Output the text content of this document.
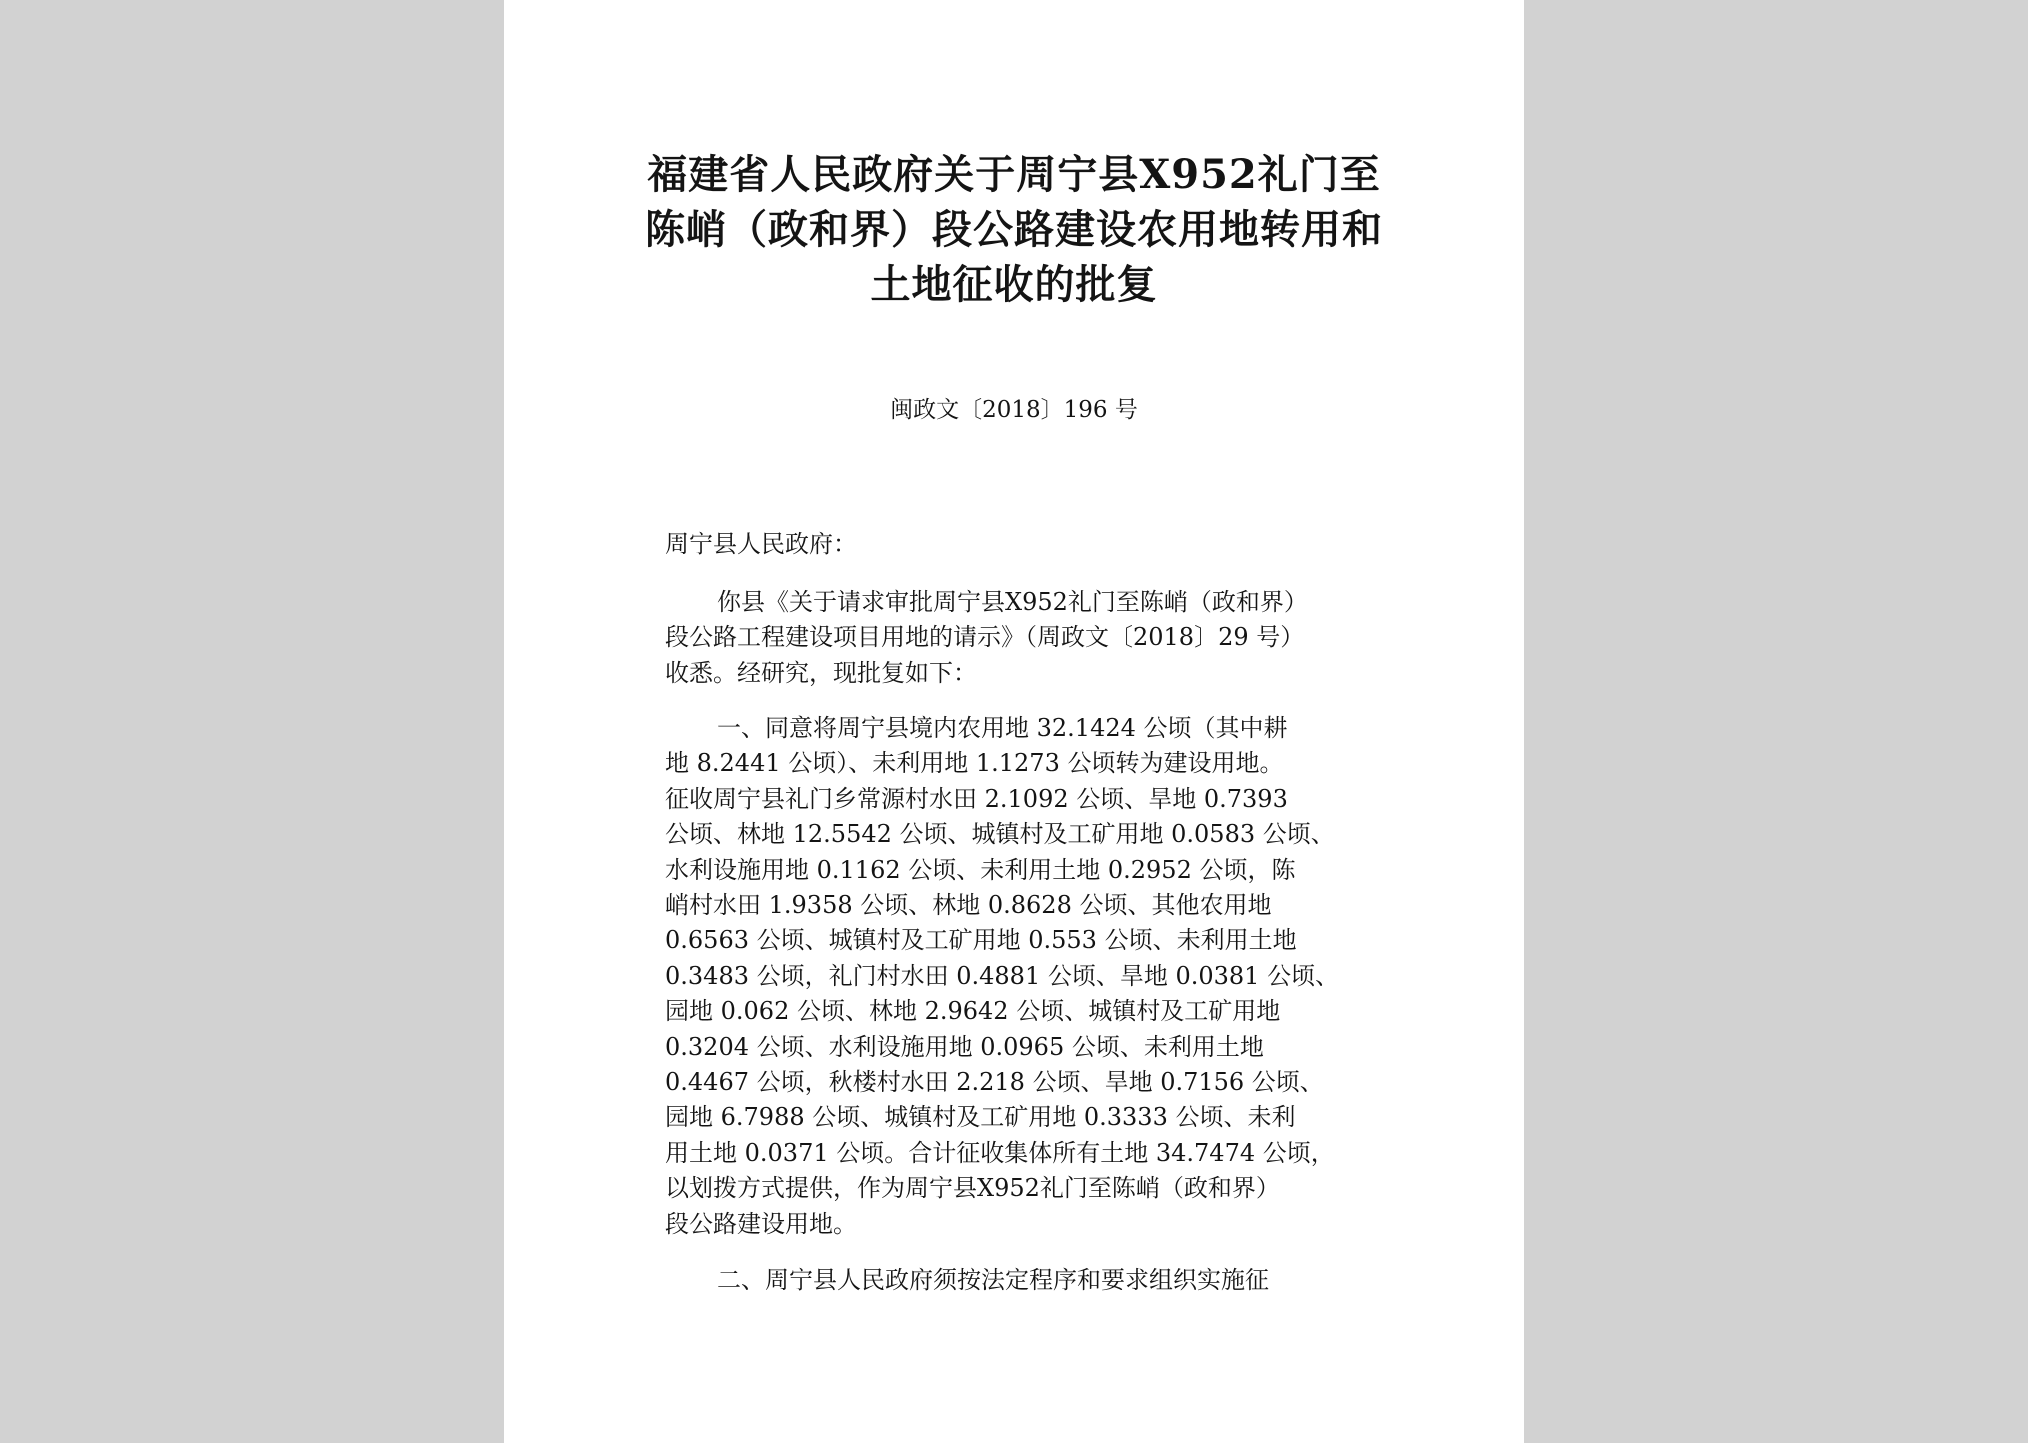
福建省人民政府关于周宁县X952礼门至
陈峭（政和界）段公路建设农用地转用和
土地征收的批复
闽政文〔2018〕196 号
周宁县人民政府：
你县《关于请求审批周宁县X952礼门至陈峭（政和界）
段公路工程建设项目用地的请示》（周政文〔2018〕29 号）
收悉。经研究，现批复如下：
一、同意将周宁县境内农用地 32.1424 公顷（其中耕
地 8.2441 公顷）、未利用地 1.1273 公顷转为建设用地。
征收周宁县礼门乡常源村水田 2.1092 公顷、旱地 0.7393
公顷、林地 12.5542 公顷、城镇村及工矿用地 0.0583 公顷、
水利设施用地 0.1162 公顷、未利用土地 0.2952 公顷，陈
峭村水田 1.9358 公顷、林地 0.8628 公顷、其他农用地
0.6563 公顷、城镇村及工矿用地 0.553 公顷、未利用土地
0.3483 公顷，礼门村水田 0.4881 公顷、旱地 0.0381 公顷、
园地 0.062 公顷、林地 2.9642 公顷、城镇村及工矿用地
0.3204 公顷、水利设施用地 0.0965 公顷、未利用土地
0.4467 公顷，秋楼村水田 2.218 公顷、旱地 0.7156 公顷、
园地 6.7988 公顷、城镇村及工矿用地 0.3333 公顷、未利
用土地 0.0371 公顷。合计征收集体所有土地 34.7474 公顷，
以划拨方式提供，作为周宁县X952礼门至陈峭（政和界）
段公路建设用地。
二、周宁县人民政府须按法定程序和要求组织实施征
